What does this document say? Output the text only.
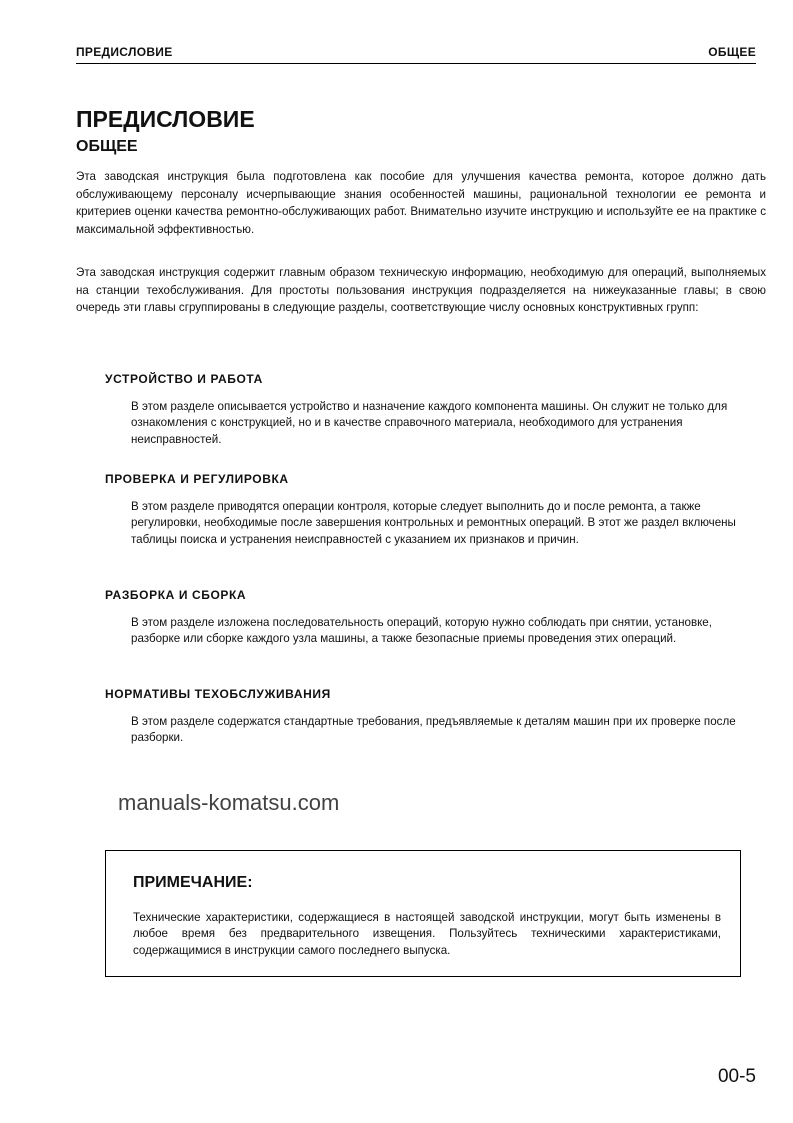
ПРЕДИСЛОВИЕ	ОБЩЕЕ
ПРЕДИСЛОВИЕ
ОБЩЕЕ
Эта заводская инструкция была подготовлена как пособие для улучшения качества ремонта, которое должно дать обслуживающему персоналу исчерпывающие знания особенностей машины, рациональной технологии ее ремонта и критериев оценки качества ремонтно-обслуживающих работ. Внимательно изучите инструкцию и используйте ее на практике с максимальной эффективностью.
Эта заводская инструкция содержит главным образом техническую информацию, необходимую для операций, выполняемых на станции техобслуживания. Для простоты пользования инструкция подразделяется на нижеуказанные главы; в свою очередь эти главы сгруппированы в следующие разделы, соответствующие числу основных конструктивных групп:
УСТРОЙСТВО И РАБОТА
В этом разделе описывается устройство и назначение каждого компонента машины. Он служит не только для ознакомления с конструкцией, но и в качестве справочного материала, необходимого для устранения неисправностей.
ПРОВЕРКА И РЕГУЛИРОВКА
В этом разделе приводятся операции контроля, которые следует выполнить до и после ремонта, а также регулировки, необходимые после завершения контрольных и ремонтных операций. В этот же раздел включены таблицы поиска и устранения неисправностей с указанием их признаков и причин.
РАЗБОРКА И СБОРКА
В этом разделе изложена последовательность операций, которую нужно соблюдать при снятии, установке, разборке или сборке каждого узла машины, а также безопасные приемы проведения этих операций.
НОРМАТИВЫ ТЕХОБСЛУЖИВАНИЯ
В этом разделе содержатся стандартные требования, предъявляемые к деталям машин при их проверке после разборки.
manuals-komatsu.com
ПРИМЕЧАНИЕ:
Технические характеристики, содержащиеся в настоящей заводской инструкции, могут быть изменены в любое время без предварительного извещения. Пользуйтесь техническими характеристиками, содержащимися в инструкции самого последнего выпуска.
00-5
